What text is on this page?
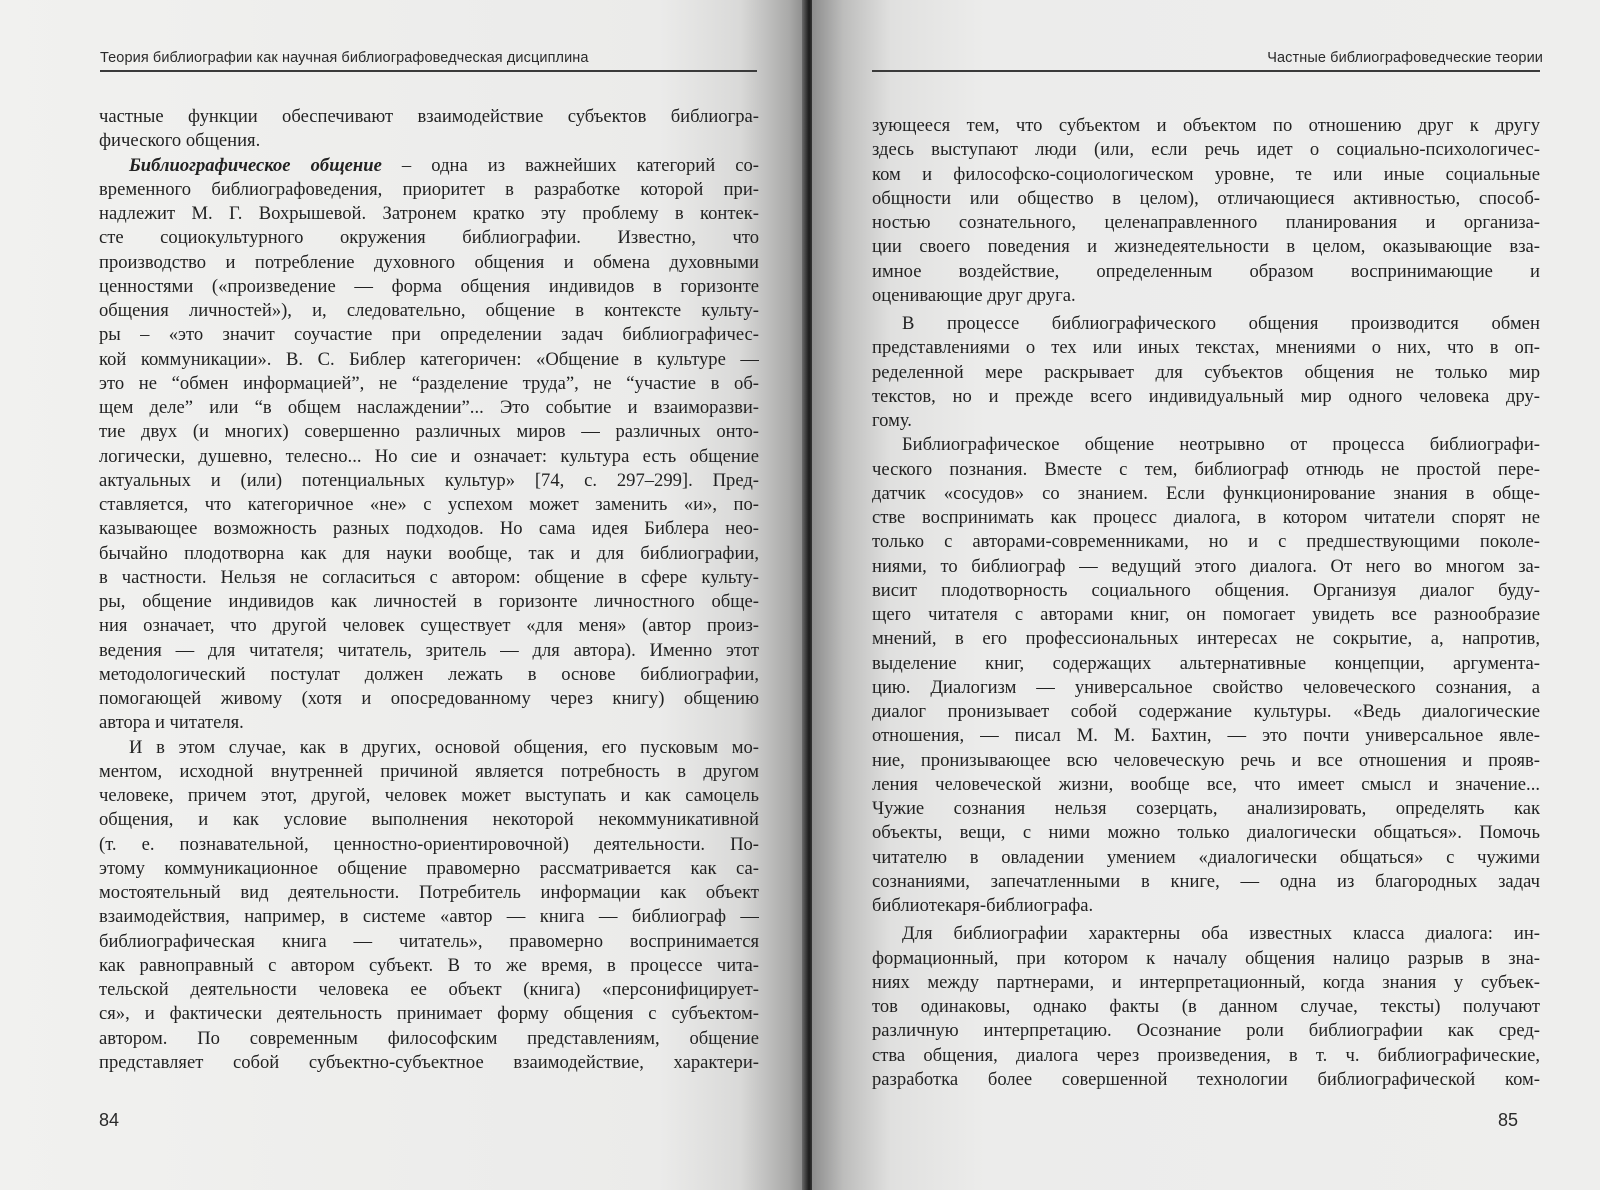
Теория библиографии как научная библиографоведческая дисциплина
частные функции обеспечивают взаимодействие субъектов библиогра-
фического общения.
Библиографическое общение – одна из важнейших категорий со-
временного библиографоведения, приоритет в разработке которой при-
надлежит М. Г. Вохрышевой. Затронем кратко эту проблему в контек-
сте социокультурного окружения библиографии. Известно, что
производство и потребление духовного общения и обмена духовными
ценностями («произведение — форма общения индивидов в горизонте
общения личностей»), и, следовательно, общение в контексте культу-
ры – «это значит соучастие при определении задач библиографичес-
кой коммуникации». В. С. Библер категоричен: «Общение в культуре —
это не “обмен информацией”, не “разделение труда”, не “участие в об-
щем деле” или “в общем наслаждении”... Это событие и взаиморазви-
тие двух (и многих) совершенно различных миров — различных онто-
логически, душевно, телесно... Но сие и означает: культура есть общение
актуальных и (или) потенциальных культур» [74, с. 297–299]. Пред-
ставляется, что категоричное «не» с успехом может заменить «и», по-
казывающее возможность разных подходов. Но сама идея Библера нео-
бычайно плодотворна как для науки вообще, так и для библиографии,
в частности. Нельзя не согласиться с автором: общение в сфере культу-
ры, общение индивидов как личностей в горизонте личностного обще-
ния означает, что другой человек существует «для меня» (автор произ-
ведения — для читателя; читатель, зритель — для автора). Именно этот
методологический постулат должен лежать в основе библиографии,
помогающей живому (хотя и опосредованному через книгу) общению
автора и читателя.
И в этом случае, как в других, основой общения, его пусковым мо-
ментом, исходной внутренней причиной является потребность в другом
человеке, причем этот, другой, человек может выступать и как самоцель
общения, и как условие выполнения некоторой некоммуникативной
(т. е. познавательной, ценностно-ориентировочной) деятельности. По-
этому коммуникационное общение правомерно рассматривается как са-
мостоятельный вид деятельности. Потребитель информации как объект
взаимодействия, например, в системе «автор — книга — библиограф —
библиографическая книга — читатель», правомерно воспринимается
как равноправный с автором субъект. В то же время, в процессе чита-
тельской деятельности человека ее объект (книга) «персонифицирует-
ся», и фактически деятельность принимает форму общения с субъектом-
автором. По современным философским представлениям, общение
представляет собой субъектно-субъектное взаимодействие, характери-
84
Частные библиографоведческие теории
зующееся тем, что субъектом и объектом по отношению друг к другу
здесь выступают люди (или, если речь идет о социально-психологичес-
ком и философско-социологическом уровне, те или иные социальные
общности или общество в целом), отличающиеся активностью, способ-
ностью сознательного, целенаправленного планирования и организа-
ции своего поведения и жизнедеятельности в целом, оказывающие вза-
имное воздействие, определенным образом воспринимающие и
оценивающие друг друга.
В процессе библиографического общения производится обмен
представлениями о тех или иных текстах, мнениями о них, что в оп-
ределенной мере раскрывает для субъектов общения не только мир
текстов, но и прежде всего индивидуальный мир одного человека дру-
гому.
Библиографическое общение неотрывно от процесса библиографи-
ческого познания. Вместе с тем, библиограф отнюдь не простой пере-
датчик «сосудов» со знанием. Если функционирование знания в обще-
стве воспринимать как процесс диалога, в котором читатели спорят не
только с авторами-современниками, но и с предшествующими поколе-
ниями, то библиограф — ведущий этого диалога. От него во многом за-
висит плодотворность социального общения. Организуя диалог буду-
щего читателя с авторами книг, он помогает увидеть все разнообразие
мнений, в его профессиональных интересах не сокрытие, а, напротив,
выделение книг, содержащих альтернативные концепции, аргумента-
цию. Диалогизм — универсальное свойство человеческого сознания, а
диалог пронизывает собой содержание культуры. «Ведь диалогические
отношения, — писал М. М. Бахтин, — это почти универсальное явле-
ние, пронизывающее всю человеческую речь и все отношения и прояв-
ления человеческой жизни, вообще все, что имеет смысл и значение...
Чужие сознания нельзя созерцать, анализировать, определять как
объекты, вещи, с ними можно только диалогически общаться». Помочь
читателю в овладении умением «диалогически общаться» с чужими
сознаниями, запечатленными в книге, — одна из благородных задач
библиотекаря-библиографа.
Для библиографии характерны оба известных класса диалога: ин-
формационный, при котором к началу общения налицо разрыв в зна-
ниях между партнерами, и интерпретационный, когда знания у субъек-
тов одинаковы, однако факты (в данном случае, тексты) получают
различную интерпретацию. Осознание роли библиографии как сред-
ства общения, диалога через произведения, в т. ч. библиографические,
разработка более совершенной технологии библиографической ком-
85
